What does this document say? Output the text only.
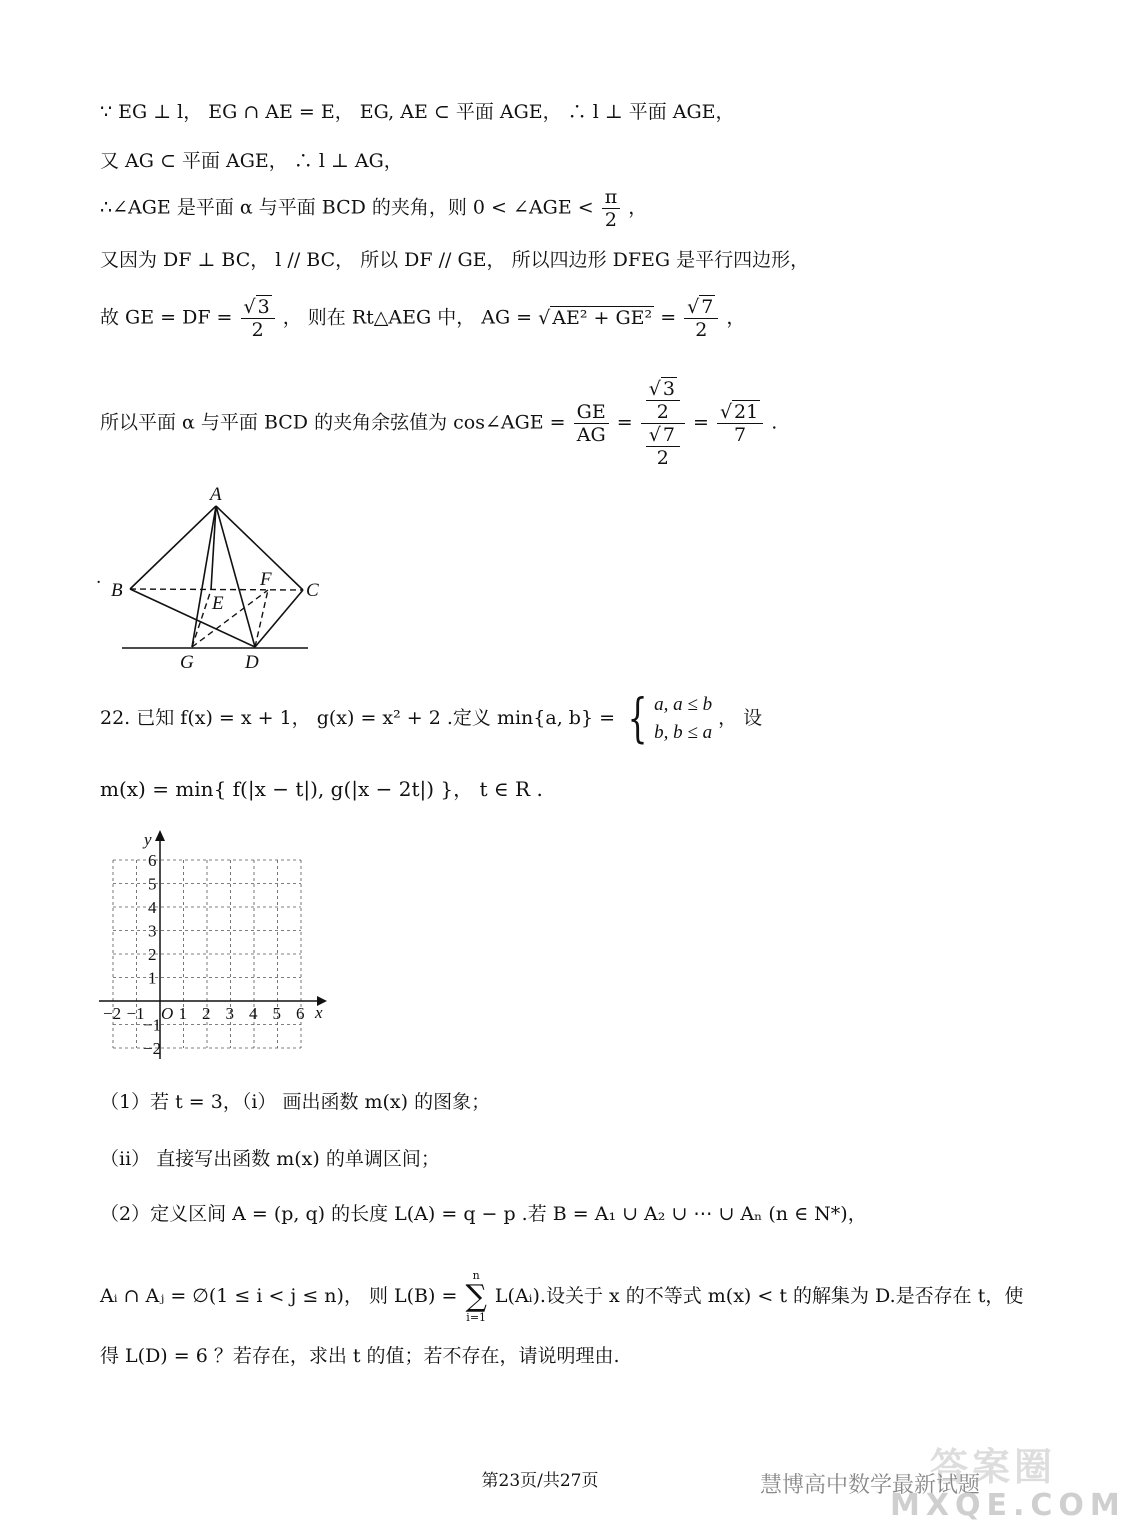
∵ EG ⊥ l， EG ∩ AE = E， EG, AE ⊂ 平面 AGE， ∴ l ⊥ 平面 AGE，
又 AG ⊂ 平面 AGE， ∴ l ⊥ AG，
∴∠AGE 是平面 α 与平面 BCD 的夹角，则 0 < ∠AGE < $\frac{\pi}{2}$ ，
又因为 DF ⊥ BC， l // BC， 所以 DF // GE， 所以四边形 DFEG 是平行四边形，
故 GE = DF = √ $\frac{3}{2}$ ， 则在 Rt△AEG 中， AG = √ AE² + GE² = √ $\frac{7}{2}$ ，
所以平面 α 与平面 BCD 的夹角余弦值为 cos∠AGE = $\frac{GE}{AG}$ = √ $\frac{3}{2}$
√ $\frac{7}{2}$ = √ $\frac{21}{7}$ .
·
A
B	C
E
F
G	D
22. 已知 f(x) = x + 1， g(x) = x² + 2 .定义 min{a, b} = { a, a ≤ b
b, b ≤ a
， 设
m(x) = min{ f(|x − t|), g(|x − 2t|) }， t ∈ R .
y
x
O
−2 −1 1 2 3 4 5 6
6
5
4
3
2
1
−1
−2
（1）若 t = 3，（i） 画出函数 m(x) 的图象；
（ii） 直接写出函数 m(x) 的单调区间；
（2）定义区间 A = (p, q) 的长度 L(A) = q − p .若 B = A₁ ∪ A₂ ∪ ⋯ ∪ Aₙ (n ∈ N*)，
Aᵢ ∩ Aⱼ = ∅(1 ≤ i < j ≤ n)， 则 L(B) =
n
∑
i=1
L(Aᵢ).设关于 x 的不等式 m(x) < t 的解集为 D.是否存在 t，使
得 L(D) = 6 ？若存在，求出 t 的值；若不存在，请说明理由.
答案圈
慧博高中数学最新试题
MXQE.COM
第23页/共27页
